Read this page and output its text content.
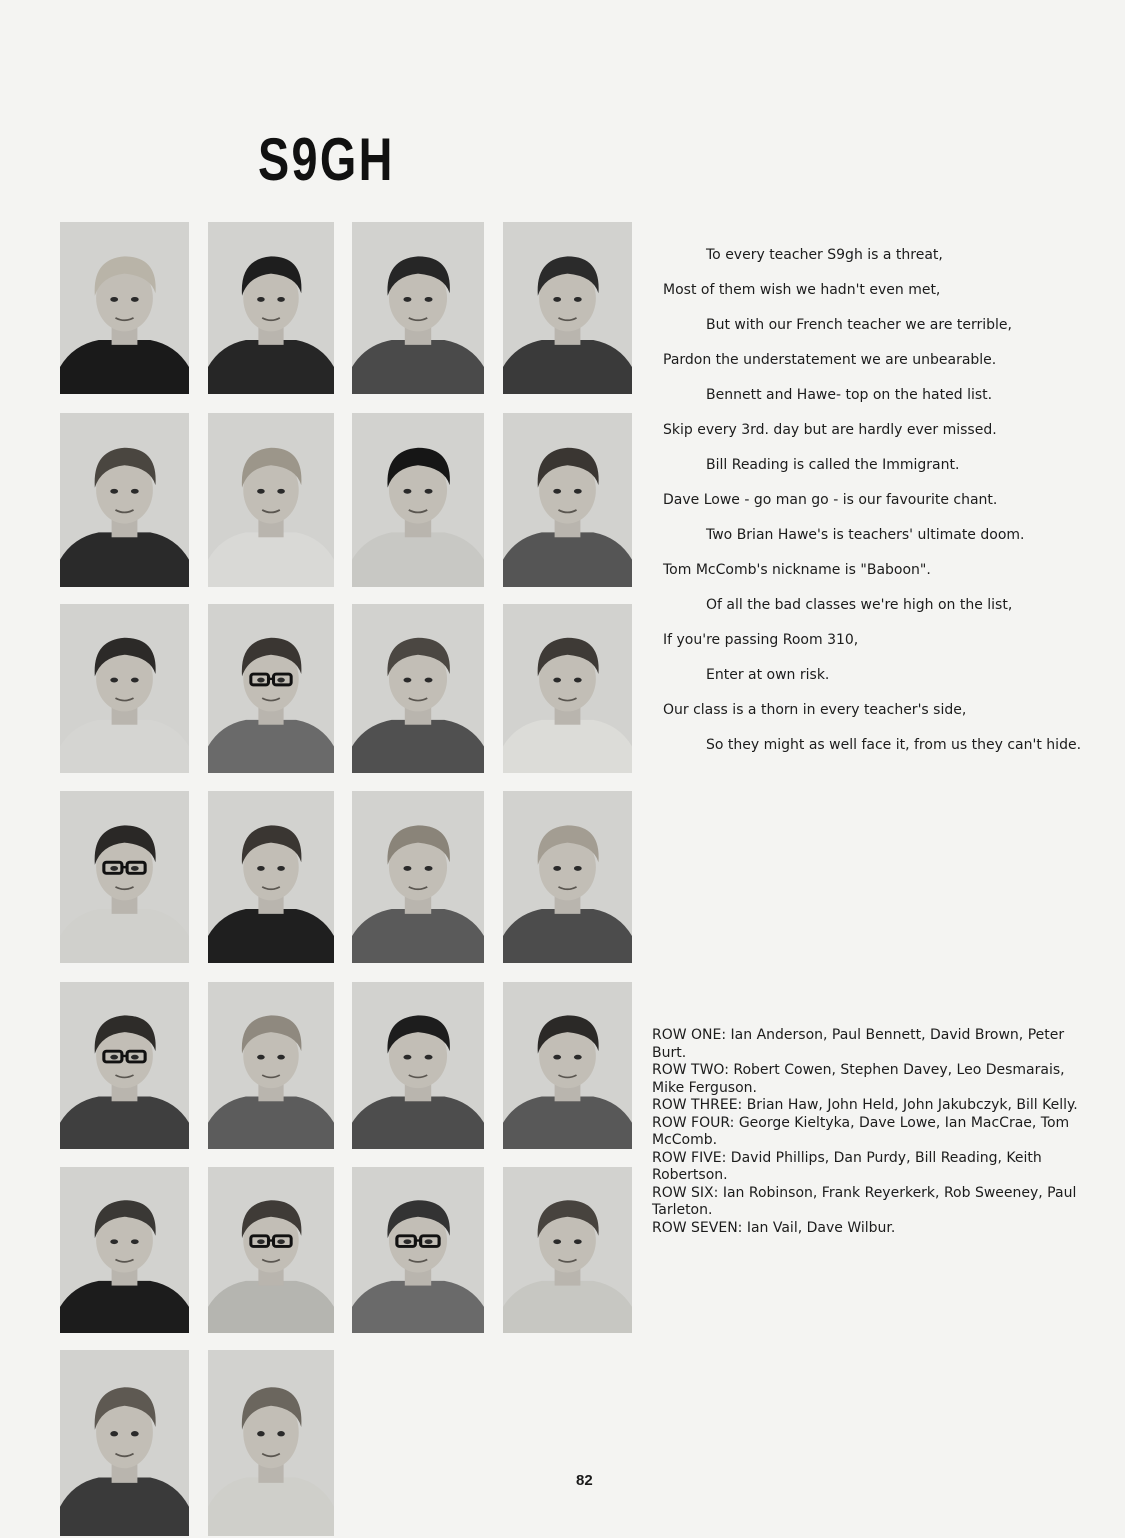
S9GH
To every teacher S9gh is a threat,
Most of them wish we hadn't even met,
But with our French teacher we are terrible,
Pardon the understatement we are unbearable.
Bennett and Hawe- top on the hated list.
Skip every 3rd. day but are hardly ever missed.
Bill Reading is called the Immigrant.
Dave Lowe - go man go - is our favourite chant.
Two Brian Hawe's is teachers' ultimate doom.
Tom McComb's nickname is "Baboon".
Of all the bad classes we're high on the list,
If you're passing Room 310,
Enter at own risk.
Our class is a thorn in every teacher's side,
So they might as well face it, from us they can't hide.

ROW ONE: Ian Anderson, Paul Bennett, David Brown, Peter Burt.

ROW TWO: Robert Cowen, Stephen Davey, Leo Desmarais, Mike Ferguson.

ROW THREE: Brian Haw, John Held, John Jakubczyk, Bill Kelly.

ROW FOUR: George Kieltyka, Dave Lowe, Ian MacCrae, Tom McComb.

ROW FIVE: David Phillips, Dan Purdy, Bill Reading, Keith Robertson.

ROW SIX: Ian Robinson, Frank Reyerkerk, Rob Sweeney, Paul Tarleton.

ROW SEVEN: Ian Vail, Dave Wilbur.

82
